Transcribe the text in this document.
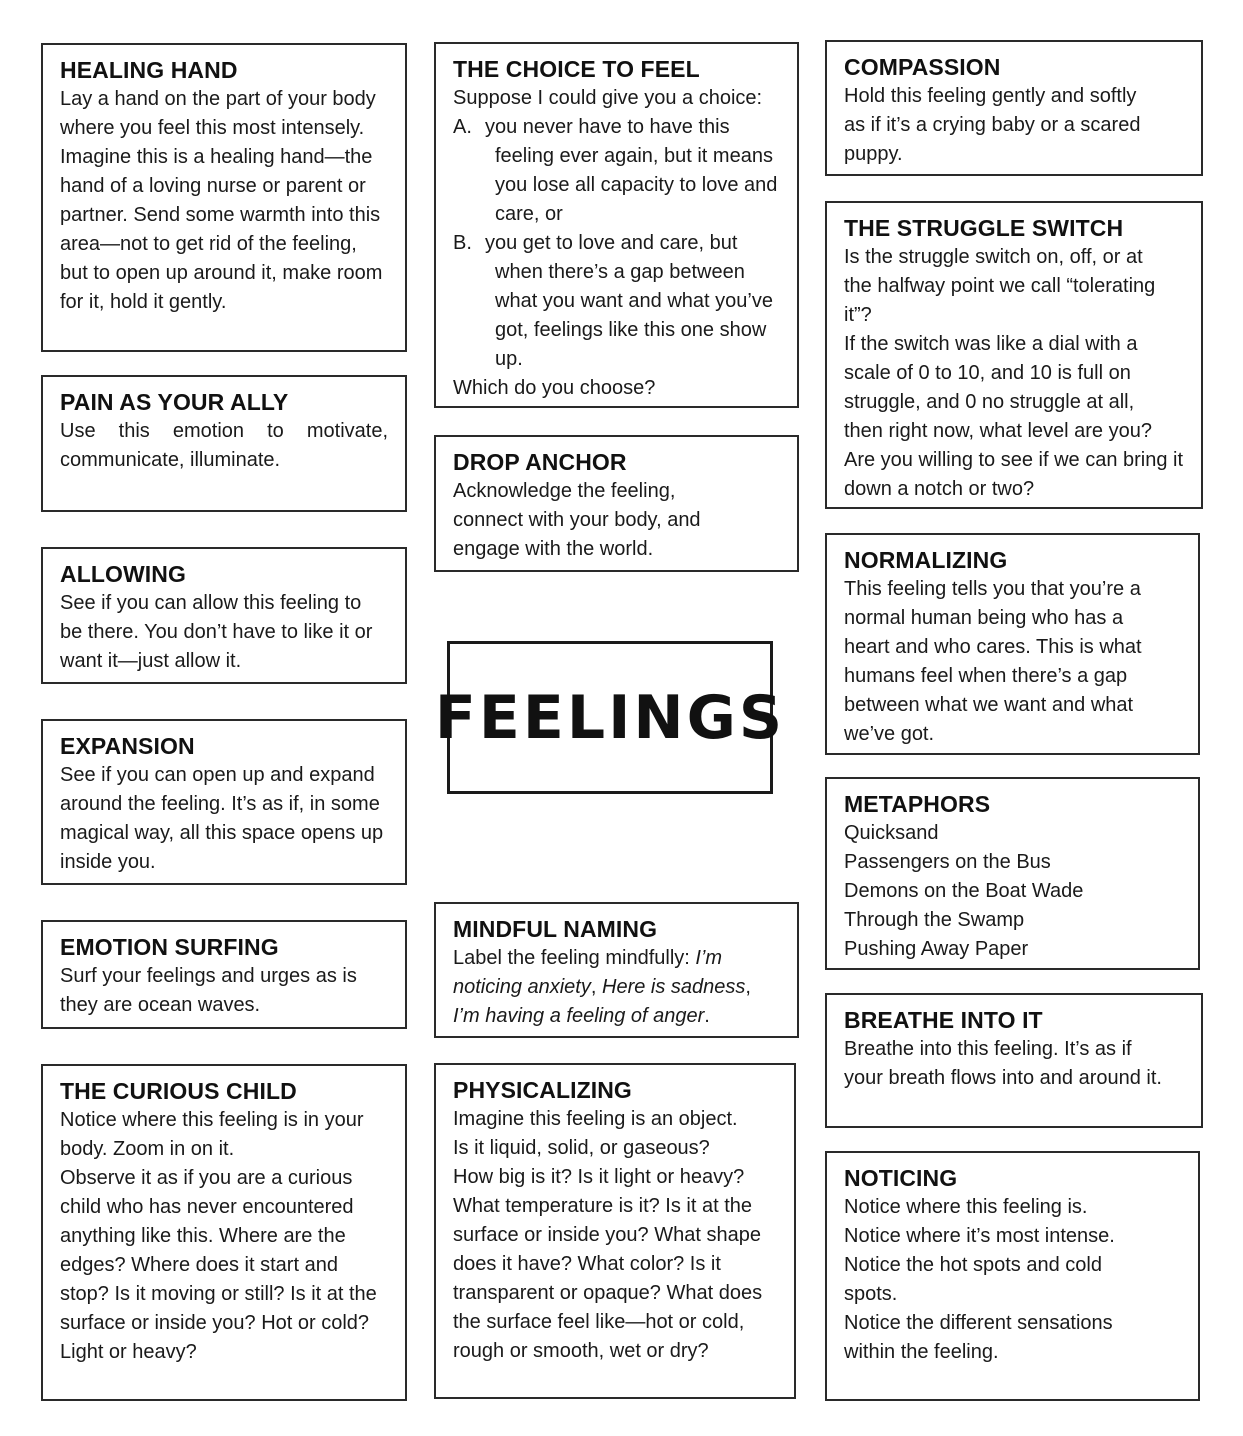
HEALING HAND

Lay a hand on the part of your body where you feel this most intensely. Imagine this is a healing hand—the hand of a loving nurse or parent or partner. Send some warmth into this area—not to get rid of the feeling, but to open up around it, make room for it, hold it gently.

PAIN AS YOUR ALLY

Use this emotion to motivate, communicate, illuminate.

ALLOWING

See if you can allow this feeling to be there. You don’t have to like it or want it—just allow it.

EXPANSION

See if you can open up and expand around the feeling. It’s as if, in some magical way, all this space opens up inside you.

EMOTION SURFING

Surf your feelings and urges as is they are ocean waves.

THE CURIOUS CHILD

Notice where this feeling is in your body. Zoom in on it.

Observe it as if you are a curious child who has never encountered anything like this. Where are the edges? Where does it start and stop? Is it moving or still? Is it at the surface or inside you? Hot or cold? Light or heavy?

THE CHOICE TO FEEL

Suppose I could give you a choice:

A. you never have to have this feeling ever again, but it means you lose all capacity to love and care, or
B. you get to love and care, but when there’s a gap between what you want and what you’ve got, feelings like this one show up.

Which do you choose?

DROP ANCHOR

Acknowledge the feeling, connect with your body, and engage with the world.

FEELINGS
MINDFUL NAMING

Label the feeling mindfully: I’m noticing anxiety, Here is sadness, I’m having a feeling of anger.

PHYSICALIZING

Imagine this feeling is an object.

Is it liquid, solid, or gaseous?

How big is it? Is it light or heavy?

What temperature is it? Is it at the surface or inside you? What shape does it have? What color? Is it transparent or opaque? What does the surface feel like—hot or cold, rough or smooth, wet or dry?

COMPASSION

Hold this feeling gently and softly as if it’s a crying baby or a scared puppy.

THE STRUGGLE SWITCH

Is the struggle switch on, off, or at the halfway point we call “tolerating it”?

If the switch was like a dial with a scale of 0 to 10, and 10 is full on struggle, and 0 no struggle at all, then right now, what level are you?

Are you willing to see if we can bring it down a notch or two?

NORMALIZING

This feeling tells you that you’re a normal human being who has a heart and who cares. This is what humans feel when there’s a gap between what we want and what we’ve got.

METAPHORS

Quicksand

Passengers on the Bus

Demons on the Boat Wade

Through the Swamp

Pushing Away Paper

BREATHE INTO IT

Breathe into this feeling. It’s as if your breath flows into and around it.

NOTICING

Notice where this feeling is.

Notice where it’s most intense.

Notice the hot spots and cold spots.

Notice the different sensations within the feeling.
